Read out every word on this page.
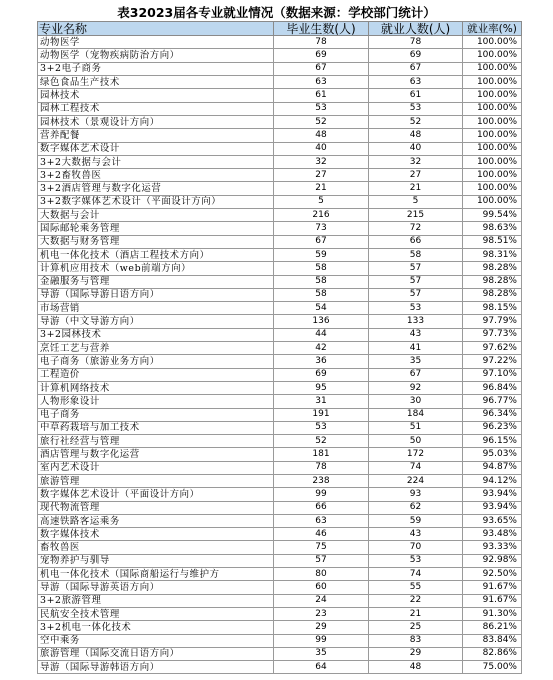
表32023届各专业就业情况（数据来源：学校部门统计）
专业名称	毕业生数(人)	就业人数(人)	就业率(%)
动物医学	78	78	100.00%
动物医学（宠物疾病防治方向）	69	69	100.00%
3+2电子商务	67	67	100.00%
绿色食品生产技术	63	63	100.00%
园林技术	61	61	100.00%
园林工程技术	53	53	100.00%
园林技术（景观设计方向）	52	52	100.00%
营养配餐	48	48	100.00%
数字媒体艺术设计	40	40	100.00%
3+2大数据与会计	32	32	100.00%
3+2畜牧兽医	27	27	100.00%
3+2酒店管理与数字化运营	21	21	100.00%
3+2数字媒体艺术设计（平面设计方向）	5	5	100.00%
大数据与会计	216	215	99.54%
国际邮轮乘务管理	73	72	98.63%
大数据与财务管理	67	66	98.51%
机电一体化技术（酒店工程技术方向）	59	58	98.31%
计算机应用技术（web前端方向）	58	57	98.28%
金融服务与管理	58	57	98.28%
导游（国际导游日语方向）	58	57	98.28%
市场营销	54	53	98.15%
导游（中文导游方向）	136	133	97.79%
3+2园林技术	44	43	97.73%
烹饪工艺与营养	42	41	97.62%
电子商务（旅游业务方向）	36	35	97.22%
工程造价	69	67	97.10%
计算机网络技术	95	92	96.84%
人物形象设计	31	30	96.77%
电子商务	191	184	96.34%
中草药栽培与加工技术	53	51	96.23%
旅行社经营与管理	52	50	96.15%
酒店管理与数字化运营	181	172	95.03%
室内艺术设计	78	74	94.87%
旅游管理	238	224	94.12%
数字媒体艺术设计（平面设计方向）	99	93	93.94%
现代物流管理	66	62	93.94%
高速铁路客运乘务	63	59	93.65%
数字媒体技术	46	43	93.48%
畜牧兽医	75	70	93.33%
宠物养护与驯导	57	53	92.98%
机电一体化技术（国际商船运行与维护方	80	74	92.50%
导游（国际导游英语方向）	60	55	91.67%
3+2旅游管理	24	22	91.67%
民航安全技术管理	23	21	91.30%
3+2机电一体化技术	29	25	86.21%
空中乘务	99	83	83.84%
旅游管理（国际交流日语方向）	35	29	82.86%
导游（国际导游韩语方向）	64	48	75.00%
